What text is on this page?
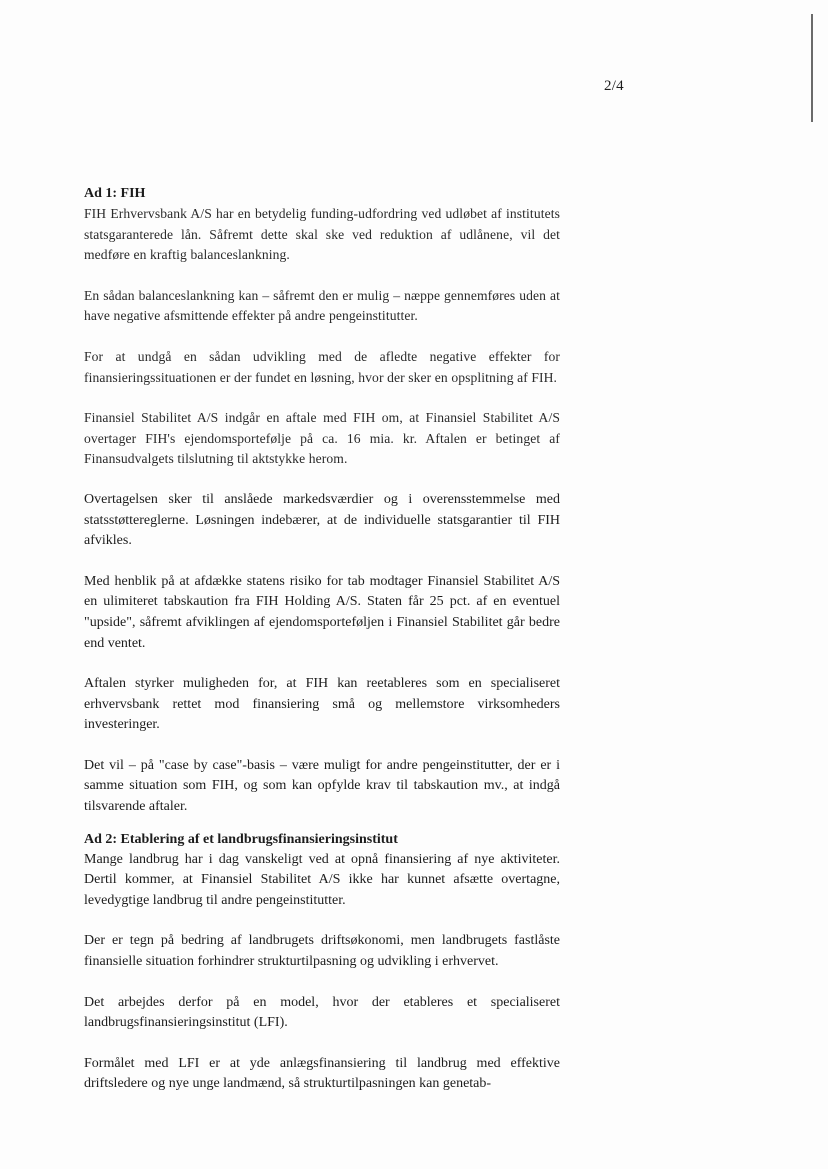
2/4

Ad 1: FIH

FIH Erhvervsbank A/S har en betydelig funding-udfordring ved udløbet af institutets statsgaranterede lån. Såfremt dette skal ske ved reduktion af udlånene, vil det medføre en kraftig balanceslankning.

En sådan balanceslankning kan – såfremt den er mulig – næppe gennemføres uden at have negative afsmittende effekter på andre pengeinstitutter.

For at undgå en sådan udvikling med de afledte negative effekter for finansieringssituationen er der fundet en løsning, hvor der sker en opsplitning af FIH.

Finansiel Stabilitet A/S indgår en aftale med FIH om, at Finansiel Stabilitet A/S overtager FIH's ejendomsportefølje på ca. 16 mia. kr. Aftalen er betinget af Finansudvalgets tilslutning til aktstykke herom.

Overtagelsen sker til anslåede markedsværdier og i overensstemmelse med statsstøttereglerne. Løsningen indebærer, at de individuelle statsgarantier til FIH afvikles.

Med henblik på at afdække statens risiko for tab modtager Finansiel Stabilitet A/S en ulimiteret tabskaution fra FIH Holding A/S. Staten får 25 pct. af en eventuel "upside", såfremt afviklingen af ejendomsporteføljen i Finansiel Stabilitet går bedre end ventet.

Aftalen styrker muligheden for, at FIH kan reetableres som en specialiseret erhvervsbank rettet mod finansiering små og mellemstore virksomheders investeringer.

Det vil – på "case by case"-basis – være muligt for andre pengeinstitutter, der er i samme situation som FIH, og som kan opfylde krav til tabskaution mv., at indgå tilsvarende aftaler.

Ad 2: Etablering af et landbrugsfinansieringsinstitut

Mange landbrug har i dag vanskeligt ved at opnå finansiering af nye aktiviteter. Dertil kommer, at Finansiel Stabilitet A/S ikke har kunnet afsætte overtagne, levedygtige landbrug til andre pengeinstitutter.

Der er tegn på bedring af landbrugets driftsøkonomi, men landbrugets fastlåste finansielle situation forhindrer strukturtilpasning og udvikling i erhvervet.

Det arbejdes derfor på en model, hvor der etableres et specialiseret landbrugsfinansieringsinstitut (LFI).

Formålet med LFI er at yde anlægsfinansiering til landbrug med effektive driftsledere og nye unge landmænd, så strukturtilpasningen kan genetab-
